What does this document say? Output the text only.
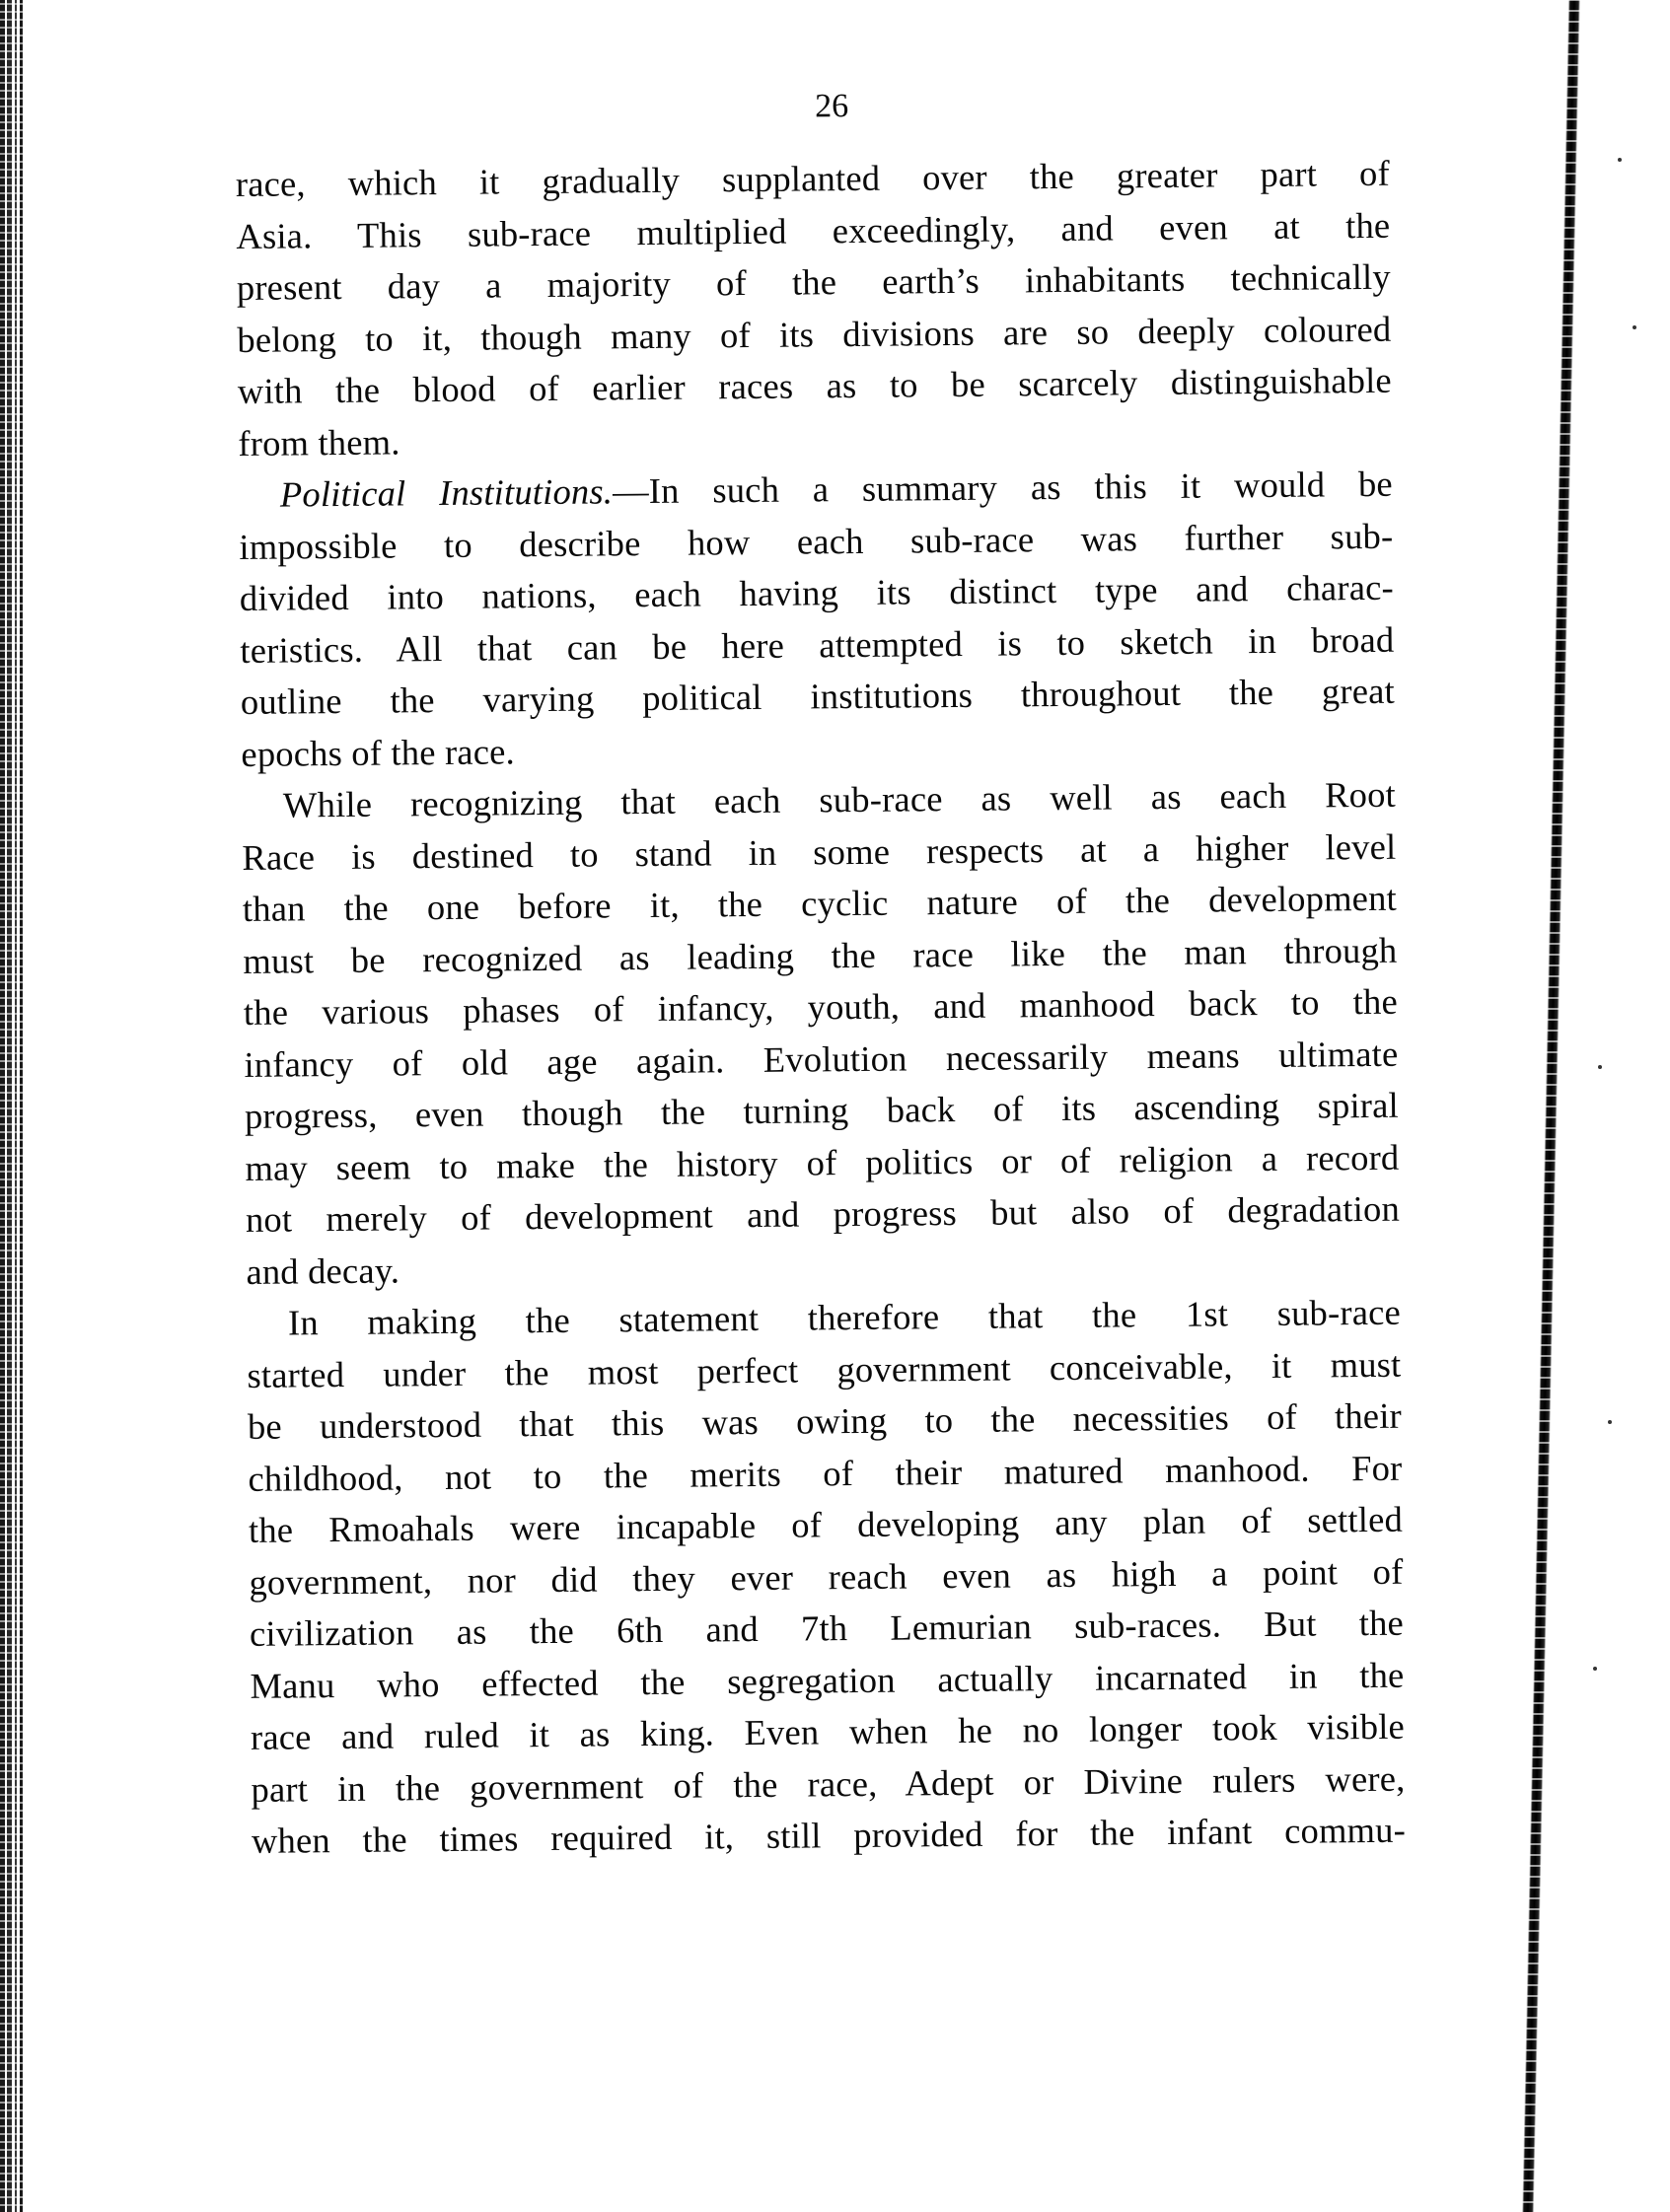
26

race, which it gradually supplanted over the greater part of
Asia. This sub-race multiplied exceedingly, and even at the
present day a majority of the earth’s inhabitants technically
belong to it, though many of its divisions are so deeply coloured
with the blood of earlier races as to be scarcely distinguishable
from them.

Political Institutions.—In such a summary as this it would be
impossible to describe how each sub-race was further sub-
divided into nations, each having its distinct type and charac-
teristics. All that can be here attempted is to sketch in broad
outline the varying political institutions throughout the great
epochs of the race.

While recognizing that each sub-race as well as each Root
Race is destined to stand in some respects at a higher level
than the one before it, the cyclic nature of the development
must be recognized as leading the race like the man through
the various phases of infancy, youth, and manhood back to the
infancy of old age again. Evolution necessarily means ultimate
progress, even though the turning back of its ascending spiral
may seem to make the history of politics or of religion a record
not merely of development and progress but also of degradation
and decay.

In making the statement therefore that the 1st sub-race
started under the most perfect government conceivable, it must
be understood that this was owing to the necessities of their
childhood, not to the merits of their matured manhood. For
the Rmoahals were incapable of developing any plan of settled
government, nor did they ever reach even as high a point of
civilization as the 6th and 7th Lemurian sub-races. But the
Manu who effected the segregation actually incarnated in the
race and ruled it as king. Even when he no longer took visible
part in the government of the race, Adept or Divine rulers were,
when the times required it, still provided for the infant commu-
